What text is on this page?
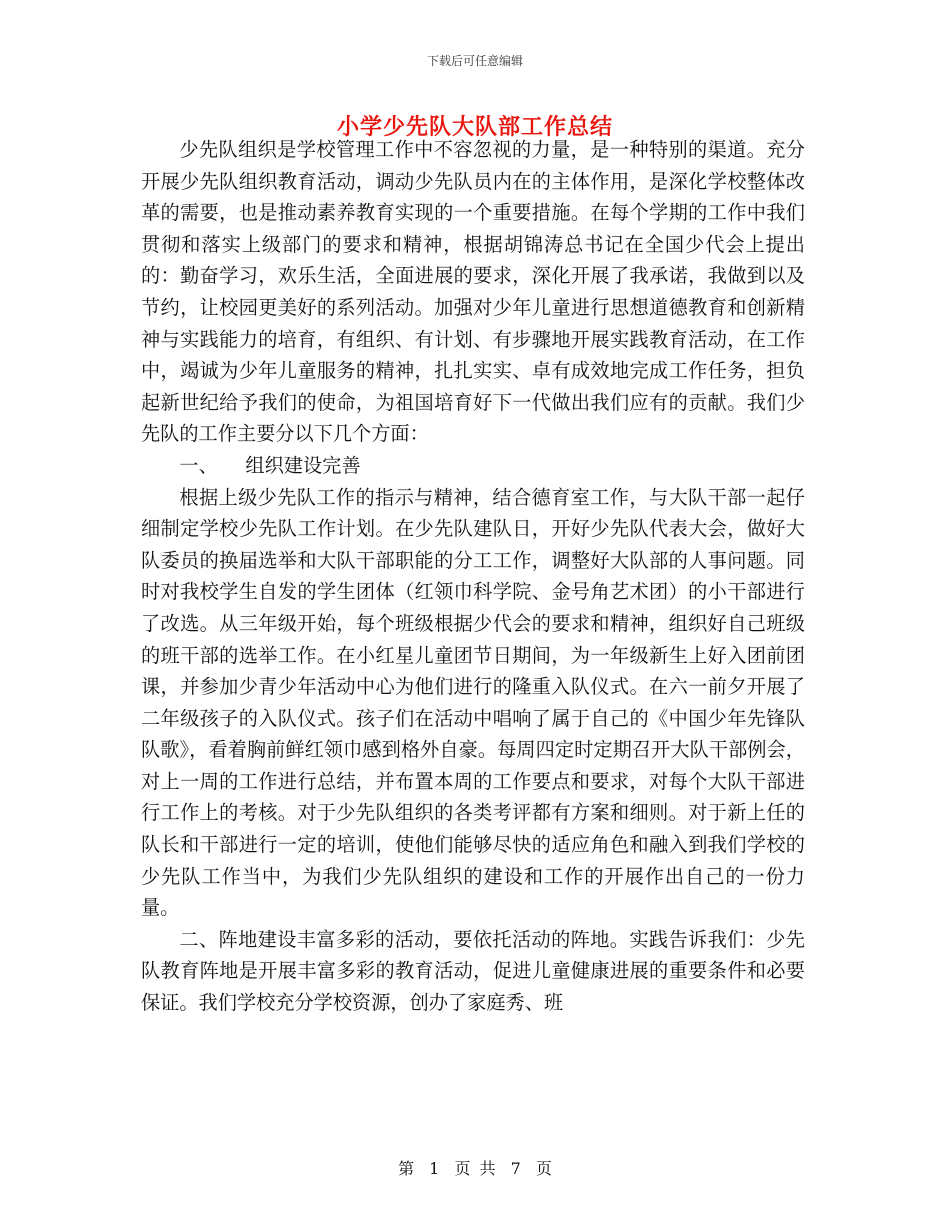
下载后可任意编辑
小学少先队大队部工作总结

少先队组织是学校管理工作中不容忽视的力量，是一种特别的渠道。充分开展少先队组织教育活动，调动少先队员内在的主体作用，是深化学校整体改革的需要，也是推动素养教育实现的一个重要措施。在每个学期的工作中我们贯彻和落实上级部门的要求和精神，根据胡锦涛总书记在全国少代会上提出的：勤奋学习，欢乐生活，全面进展的要求，深化开展了我承诺，我做到以及节约，让校园更美好的系列活动。加强对少年儿童进行思想道德教育和创新精神与实践能力的培育，有组织、有计划、有步骤地开展实践教育活动，在工作中，竭诚为少年儿童服务的精神，扎扎实实、卓有成效地完成工作任务，担负起新世纪给予我们的使命，为祖国培育好下一代做出我们应有的贡献。我们少先队的工作主要分以下几个方面：

一、 组织建设完善

根据上级少先队工作的指示与精神，结合德育室工作，与大队干部一起仔细制定学校少先队工作计划。在少先队建队日，开好少先队代表大会，做好大队委员的换届选举和大队干部职能的分工工作，调整好大队部的人事问题。同时对我校学生自发的学生团体（红领巾科学院、金号角艺术团）的小干部进行了改选。从三年级开始，每个班级根据少代会的要求和精神，组织好自己班级的班干部的选举工作。在小红星儿童团节日期间，为一年级新生上好入团前团课，并参加少青少年活动中心为他们进行的隆重入队仪式。在六一前夕开展了二年级孩子的入队仪式。孩子们在活动中唱响了属于自己的《中国少年先锋队队歌》，看着胸前鲜红领巾感到格外自豪。每周四定时定期召开大队干部例会，对上一周的工作进行总结，并布置本周的工作要点和要求，对每个大队干部进行工作上的考核。对于少先队组织的各类考评都有方案和细则。对于新上任的队长和干部进行一定的培训，使他们能够尽快的适应角色和融入到我们学校的少先队工作当中，为我们少先队组织的建设和工作的开展作出自己的一份力量。

二、阵地建设丰富多彩的活动，要依托活动的阵地。实践告诉我们：少先队教育阵地是开展丰富多彩的教育活动，促进儿童健康进展的重要条件和必要保证。我们学校充分学校资源，创办了家庭秀、班

第 1 页 共 7 页
